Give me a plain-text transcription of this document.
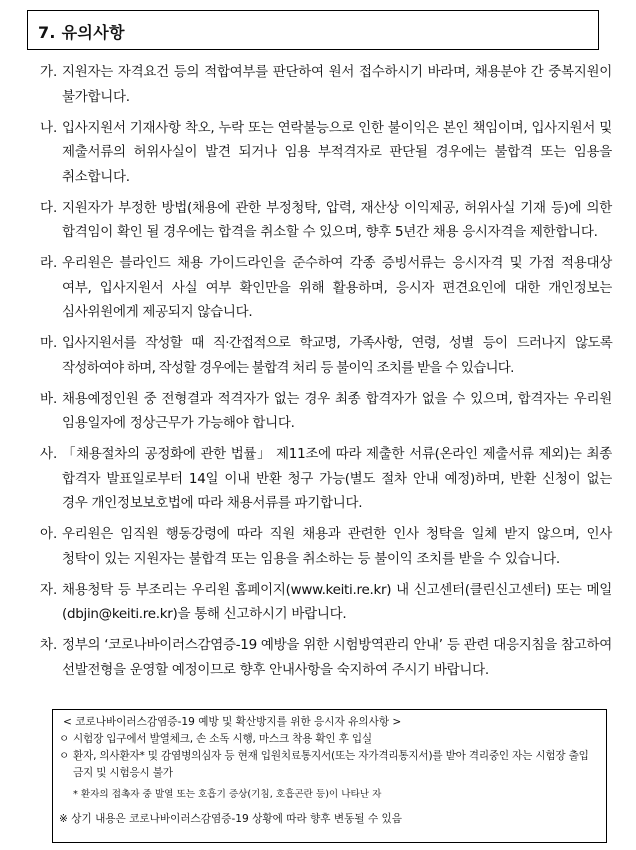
7. 유의사항
가. 지원자는 자격요건 등의 적합여부를 판단하여 원서 접수하시기 바라며, 채용분야 간 중복지원이 불가합니다.
나. 입사지원서 기재사항 착오, 누락 또는 연락불능으로 인한 불이익은 본인 책임이며, 입사지원서 및 제출서류의 허위사실이 발견 되거나 임용 부적격자로 판단될 경우에는 불합격 또는 임용을 취소합니다.
다. 지원자가 부정한 방법(채용에 관한 부정청탁, 압력, 재산상 이익제공, 허위사실 기재 등)에 의한 합격임이 확인 될 경우에는 합격을 취소할 수 있으며, 향후 5년간 채용 응시자격을 제한합니다.
라. 우리원은 블라인드 채용 가이드라인을 준수하여 각종 증빙서류는 응시자격 및 가점 적용대상 여부, 입사지원서 사실 여부 확인만을 위해 활용하며, 응시자 편견요인에 대한 개인정보는 심사위원에게 제공되지 않습니다.
마. 입사지원서를 작성할 때 직·간접적으로 학교명, 가족사항, 연령, 성별 등이 드러나지 않도록 작성하여야 하며, 작성할 경우에는 불합격 처리 등 불이익 조치를 받을 수 있습니다.
바. 채용예정인원 중 전형결과 적격자가 없는 경우 최종 합격자가 없을 수 있으며, 합격자는 우리원 임용일자에 정상근무가 가능해야 합니다.
사. 「채용절차의 공정화에 관한 법률」 제11조에 따라 제출한 서류(온라인 제출서류 제외)는 최종 합격자 발표일로부터 14일 이내 반환 청구 가능(별도 절차 안내 예정)하며, 반환 신청이 없는 경우 개인정보보호법에 따라 채용서류를 파기합니다.
아. 우리원은 임직원 행동강령에 따라 직원 채용과 관련한 인사 청탁을 일체 받지 않으며, 인사 청탁이 있는 지원자는 불합격 또는 임용을 취소하는 등 불이익 조치를 받을 수 있습니다.
자. 채용청탁 등 부조리는 우리원 홈페이지(www.keiti.re.kr) 내 신고센터(클린신고센터) 또는 메일(dbjin@keiti.re.kr)을 통해 신고하시기 바랍니다.
차. 정부의 ‘코로나바이러스감염증-19 예방을 위한 시험방역관리 안내’ 등 관련 대응지침을 참고하여 선발전형을 운영할 예정이므로 향후 안내사항을 숙지하여 주시기 바랍니다.
< 코로나바이러스감염증-19 예방 및 확산방지를 위한 응시자 유의사항 >
ㅇ 시험장 입구에서 발열체크, 손 소독 시행, 마스크 착용 확인 후 입실
ㅇ 환자, 의사환자* 및 감염병의심자 등 현재 입원치료통지서(또는 자가격리통지서)를 받아 격리중인 자는 시험장 출입 금지 및 시험응시 불가
* 환자의 접촉자 중 발열 또는 호흡기 증상(기침, 호흡곤란 등)이 나타난 자
※ 상기 내용은 코로나바이러스감염증-19 상황에 따라 향후 변동될 수 있음
